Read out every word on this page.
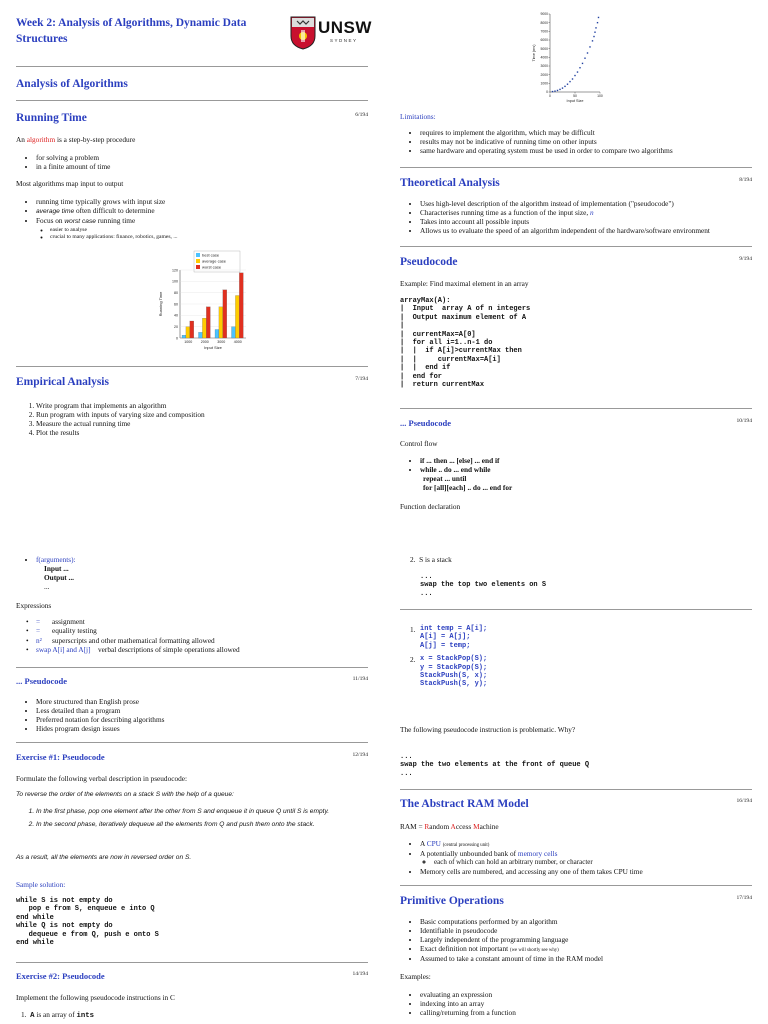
Week 2: Analysis of Algorithms, Dynamic Data
Structures
UNSW
SYDNEY
Analysis of Algorithms
Running Time	6/194

An algorithm is a step-by-step procedure

• for solving a problem
• in a finite amount of time

Most algorithms map input to output

• running time typically grows with input size
• average time often difficult to determine
• Focus on worst case running time
◦ easier to analyse
◦ crucial to many applications: finance, robotics, games, ...
best case
average case
worst case
0
20
40
60
80
100
120
1000 2000 3000 4000
Input Size
Running Time
Empirical Analysis	7/194
1. Write program that implements an algorithm
2. Run program with inputs of varying size and composition
3. Measure the actual running time
4. Plot the results
• f(arguments):
Input ...
Output ...
...

Expressions

•	=	assignment
•	=	equality testing
•	n²	superscripts and other mathematical formatting allowed
•	swap A[i] and A[j]	verbal descriptions of simple operations allowed
... Pseudocode	11/194
• More structured than English prose
• Less detailed than a program
• Preferred notation for describing algorithms
• Hides program design issues
Exercise #1: Pseudocode	12/194

Formulate the following verbal description in pseudocode:

To reverse the order of the elements on a stack S with the help of a queue:

1. In the first phase, pop one element after the other from S and enqueue it in queue Q until S is empty.
2. In the second phase, iteratively dequeue all the elements from Q and push them onto the stack.

As a result, all the elements are now in reversed order on S.

Sample solution:

while S is not empty do
pop e from S, enqueue e into Q
end while
while Q is not empty do
dequeue e from Q, push e onto S
end while
Exercise #2: Pseudocode	14/194

Implement the following pseudocode instructions in C

1.  A is an array of ints
0
1000
2000
3000
4000
5000
6000
7000
8000
9000
0	50	100
Input Size
Time (ms)

Limitations:

• requires to implement the algorithm, which may be difficult
• results may not be indicative of running time on other inputs
• same hardware and operating system must be used in order to compare two algorithms
Theoretical Analysis	8/194
• Uses high-level description of the algorithm instead of implementation ("pseudocode")
• Characterises running time as a function of the input size, n
• Takes into account all possible inputs
• Allows us to evaluate the speed of an algorithm independent of the hardware/software environment
Pseudocode	9/194

Example: Find maximal element in an array

arrayMax(A):
|  Input  array A of n integers
|  Output maximum element of A
|
|  currentMax=A[0]
|  for all i=1..n-1 do
|  |  if A[i]>currentMax then
|  |     currentMax=A[i]
|  |  end if
|  end for
|  return currentMax
... Pseudocode	10/194

Control flow

• if ... then ... [else] ... end if
• while .. do ... end while
repeat ... until
for [all][each] .. do ... end for

Function declaration

2.  S is a stack
...
swap the top two elements on S
...
1. int temp = A[i];
A[i] = A[j];
A[j] = temp;
2. x = StackPop(S);
y = StackPop(S);
StackPush(S, x);
StackPush(S, y);

The following pseudocode instruction is problematic. Why?

...
swap the two elements at the front of queue Q
...
The Abstract RAM Model	16/194

RAM = Random Access Machine

• A CPU (central processing unit)
• A potentially unbounded bank of memory cells
◦ each of which can hold an arbitrary number, or character
• Memory cells are numbered, and accessing any one of them takes CPU time
Primitive Operations	17/194
• Basic computations performed by an algorithm
• Identifiable in pseudocode
• Largely independent of the programming language
• Exact definition not important (we will shortly see why)
• Assumed to take a constant amount of time in the RAM model

Examples:

• evaluating an expression
• indexing into an array
• calling/returning from a function
